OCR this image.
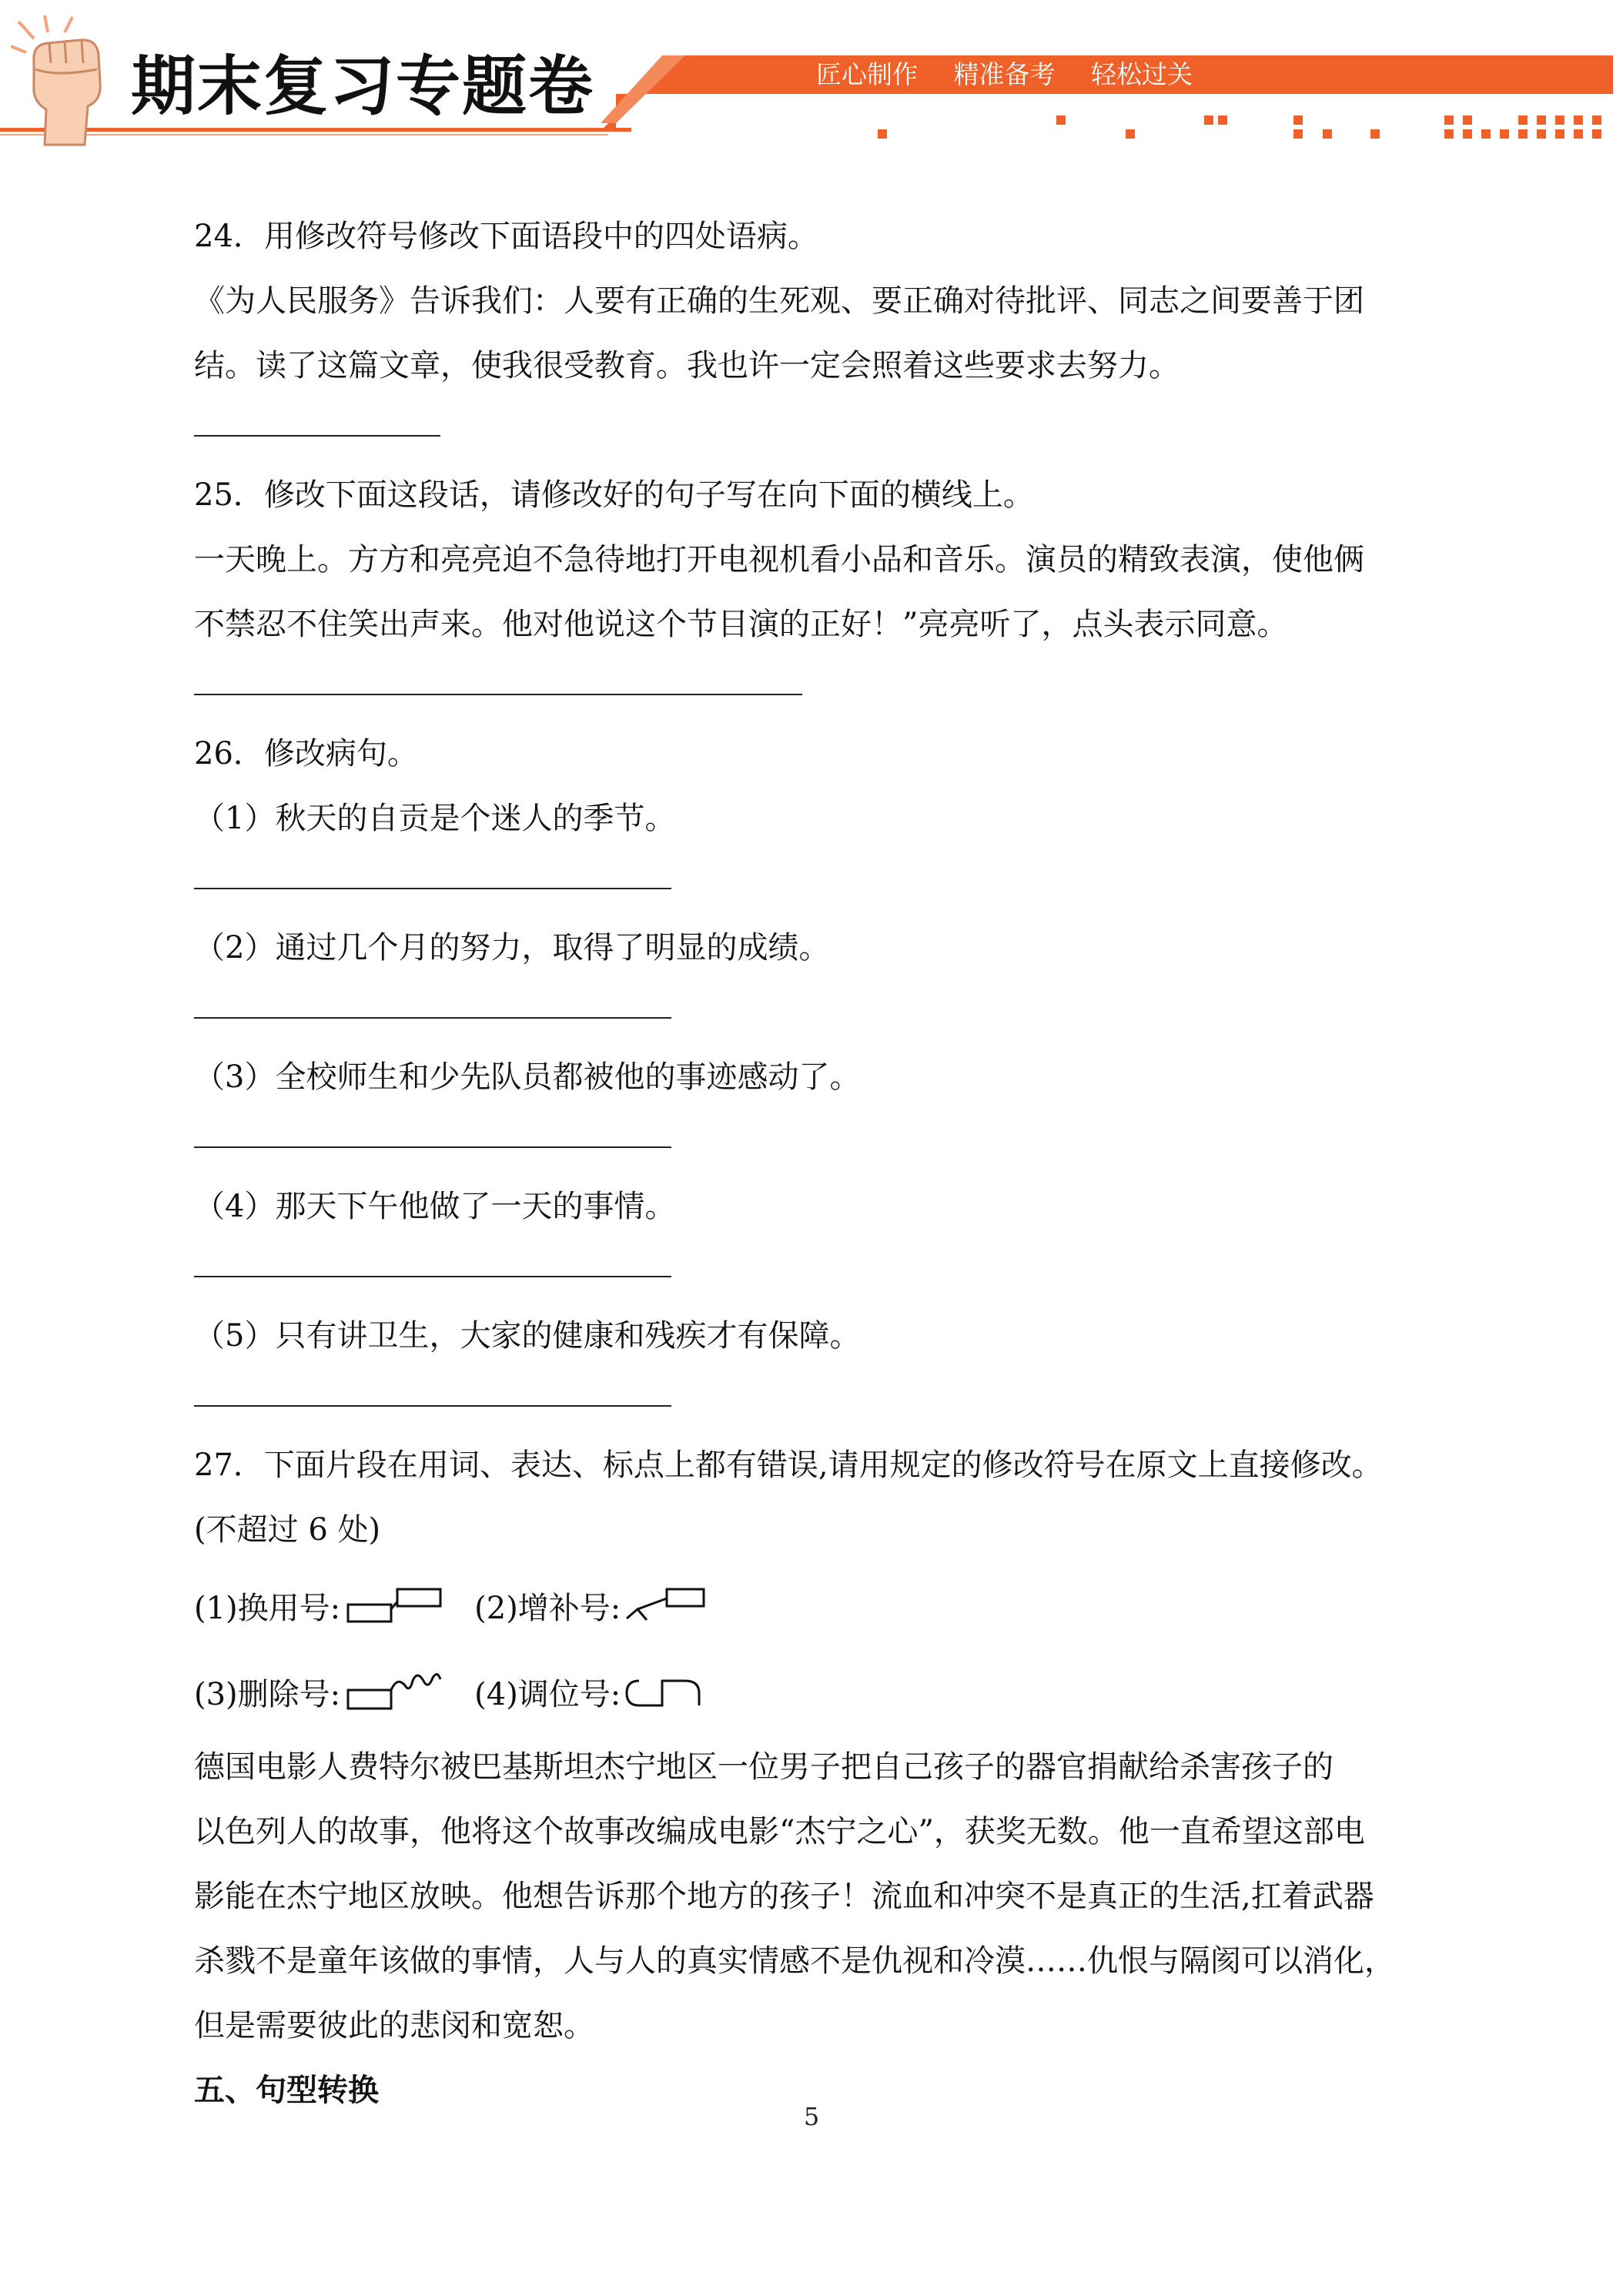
期末复习专题卷	匠心制作 精准备考 轻松过关
24．用修改符号修改下面语段中的四处语病。
《为人民服务》告诉我们：人要有正确的生死观、要正确对待批评、同志之间要善于团
结。读了这篇文章，使我很受教育。我也许一定会照着这些要求去努力。
25．修改下面这段话，请修改好的句子写在向下面的横线上。
一天晚上。方方和亮亮迫不急待地打开电视机看小品和音乐。演员的精致表演，使他俩
不禁忍不住笑出声来。他对他说这个节目演的正好！”亮亮听了，点头表示同意。
26．修改病句。
（1）秋天的自贡是个迷人的季节。
（2）通过几个月的努力，取得了明显的成绩。
（3）全校师生和少先队员都被他的事迹感动了。
（4）那天下午他做了一天的事情。
（5）只有讲卫生，大家的健康和残疾才有保障。
27．下面片段在用词、表达、标点上都有错误,请用规定的修改符号在原文上直接修改。
(不超过 6 处)
(1)换用号:	(2)增补号:
(3)删除号:	(4)调位号:
德国电影人费特尔被巴基斯坦杰宁地区一位男子把自己孩子的器官捐献给杀害孩子的
以色列人的故事，他将这个故事改编成电影“杰宁之心”，获奖无数。他一直希望这部电
影能在杰宁地区放映。他想告诉那个地方的孩子！流血和冲突不是真正的生活,扛着武器
杀戮不是童年该做的事情，人与人的真实情感不是仇视和冷漠……仇恨与隔阂可以消化，
但是需要彼此的悲闵和宽恕。
五、句型转换
5
